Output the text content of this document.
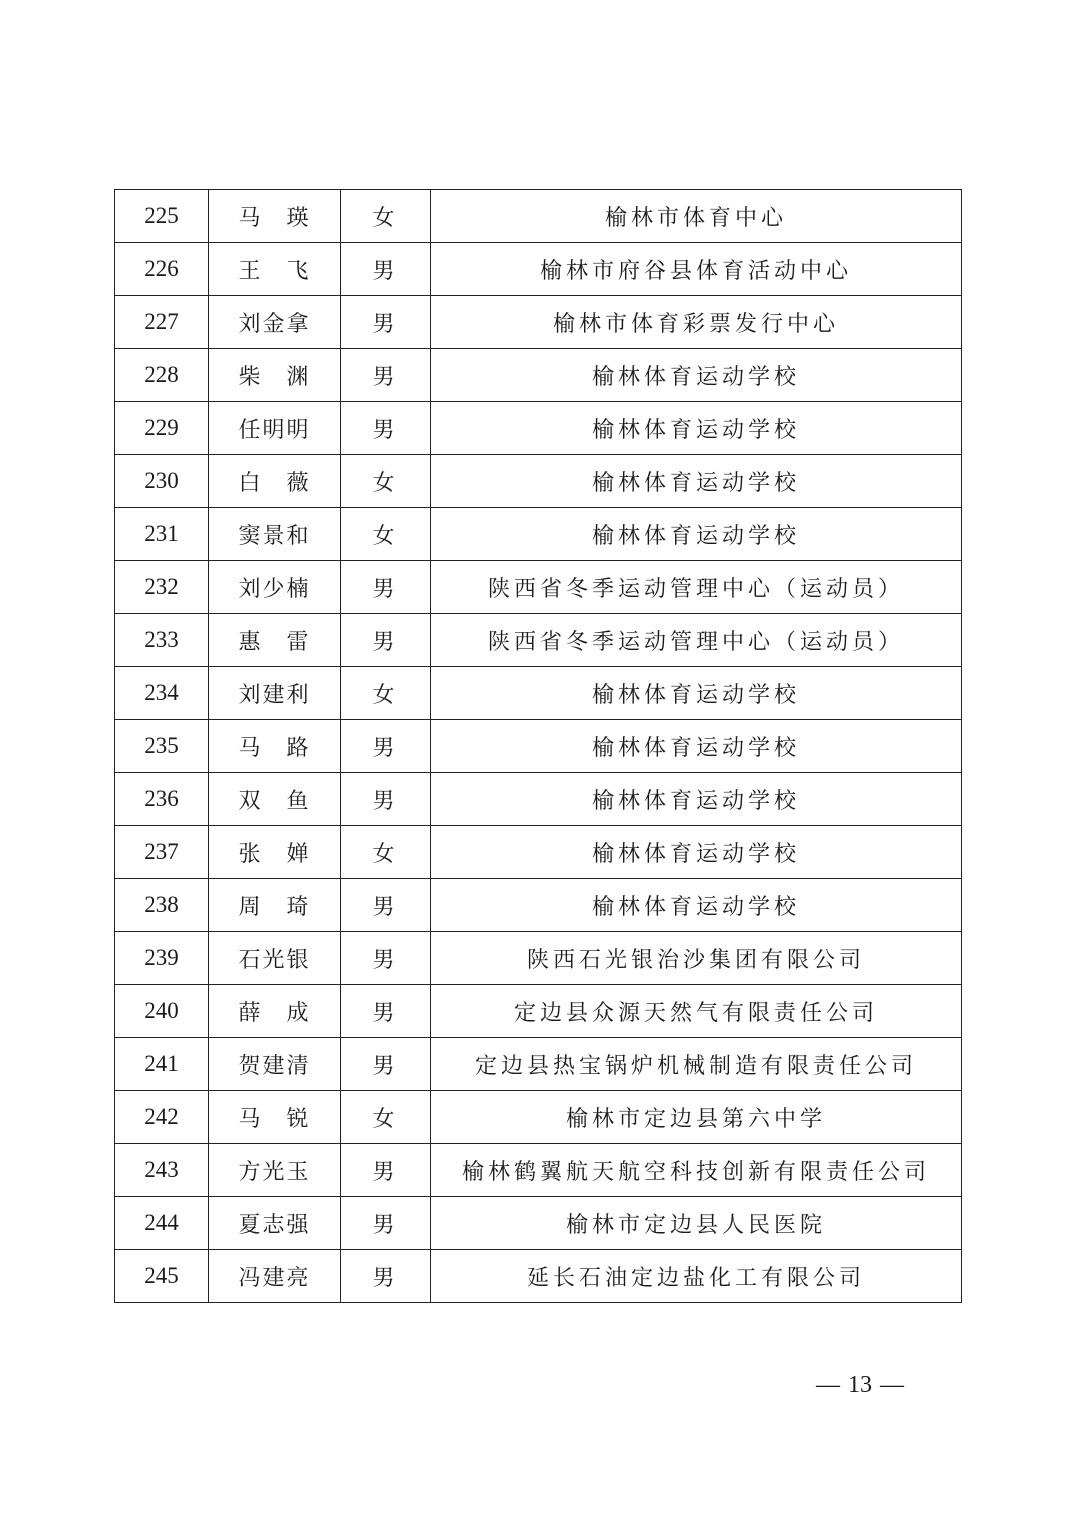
225	马　瑛	女	榆林市体育中心
226	王　飞	男	榆林市府谷县体育活动中心
227	刘金拿	男	榆林市体育彩票发行中心
228	柴　渊	男	榆林体育运动学校
229	任明明	男	榆林体育运动学校
230	白　薇	女	榆林体育运动学校
231	窦景和	女	榆林体育运动学校
232	刘少楠	男	陕西省冬季运动管理中心（运动员）
233	惠　雷	男	陕西省冬季运动管理中心（运动员）
234	刘建利	女	榆林体育运动学校
235	马　路	男	榆林体育运动学校
236	双　鱼	男	榆林体育运动学校
237	张　婵	女	榆林体育运动学校
238	周　琦	男	榆林体育运动学校
239	石光银	男	陕西石光银治沙集团有限公司
240	薛　成	男	定边县众源天然气有限责任公司
241	贺建清	男	定边县热宝锅炉机械制造有限责任公司
242	马　锐	女	榆林市定边县第六中学
243	方光玉	男	榆林鹤翼航天航空科技创新有限责任公司
244	夏志强	男	榆林市定边县人民医院
245	冯建亮	男	延长石油定边盐化工有限公司
— 13 —
